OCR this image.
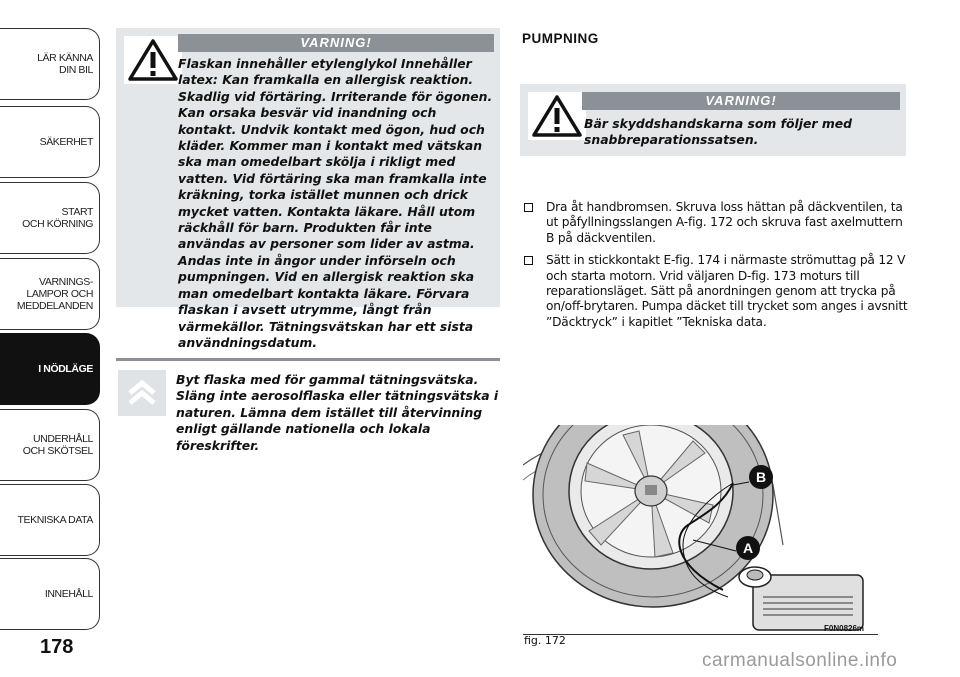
LÄR KÄNNA
DIN BIL
SÄKERHET
START
OCH KÖRNING
VARNINGS-
LAMPOR OCH
MEDDELANDEN
I NÖDLÄGE
UNDERHÅLL
OCH SKÖTSEL
TEKNISKA DATA
INNEHÅLL
178
VARNING!
Flaskan innehåller etylenglykol Innehåller latex: Kan framkalla en allergisk reaktion. Skadlig vid förtäring. Irriterande för ögonen. Kan orsaka besvär vid inandning och kontakt. Undvik kontakt med ögon, hud och kläder. Kommer man i kontakt med vätskan ska man omedelbart skölja i rikligt med vatten. Vid förtäring ska man framkalla inte kräkning, torka istället munnen och drick mycket vatten. Kontakta läkare. Håll utom räckhåll för barn. Produkten får inte användas av personer som lider av astma. Andas inte in ångor under införseln och pumpningen. Vid en allergisk reaktion ska man omedelbart kontakta läkare. Förvara flaskan i avsett utrymme, långt från värmekällor. Tätningsvätskan har ett sista användningsdatum.
Byt flaska med för gammal tätningsvätska. Släng inte aerosolflaska eller tätningsvätska i naturen. Lämna dem istället till återvinning enligt gällande nationella och lokala föreskrifter.
PUMPNING
VARNING!
Bär skyddshandskarna som följer med snabbreparationssatsen.
Dra åt handbromsen. Skruva loss hättan på däckventilen, ta ut påfyllningsslangen A-fig. 172 och skruva fast axelmuttern B på däckventilen.
Sätt in stickkontakt E-fig. 174 i närmaste strömuttag på 12 V och starta motorn. Vrid väljaren D-fig. 173 moturs till reparationsläget. Sätt på anordningen genom att trycka på on/off-brytaren. Pumpa däcket till trycket som anges i avsnitt ”Däcktryck” i kapitlet ”Tekniska data.
B
A
fig. 172
F0N0826m
carmanualsonline.info
